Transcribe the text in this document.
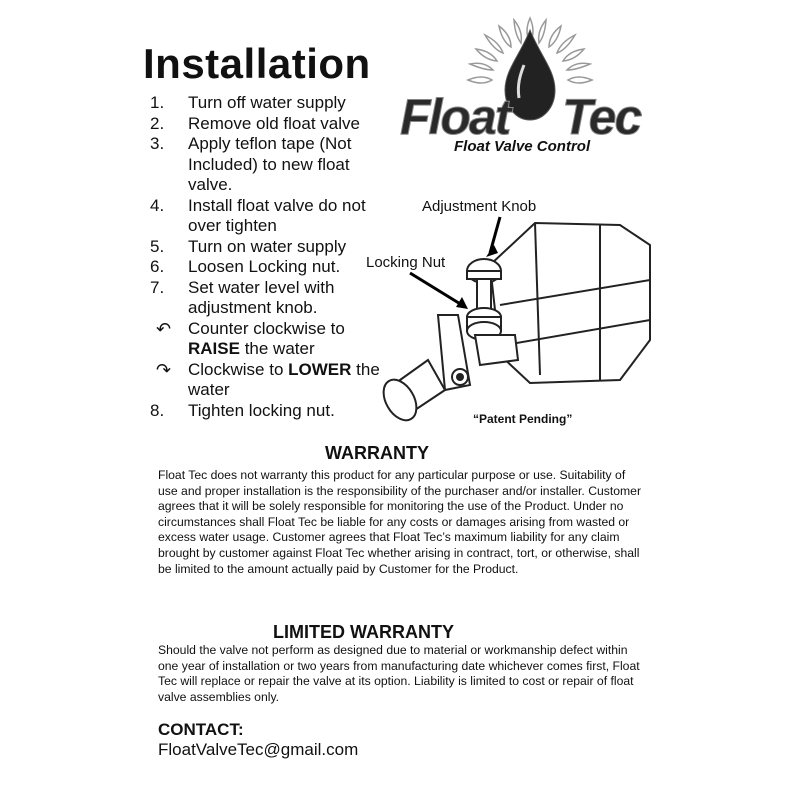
Installation
Float Tec
Float Valve Control
1.	Turn off water supply
2.	Remove old float valve
3.	Apply teflon tape (Not Included) to new float valve.
4.	Install float valve do not over tighten
5.	Turn on water supply
6.	Loosen Locking nut.
7.	Set water level with adjustment knob.
↶ Counter clockwise to RAISE the water
↷ Clockwise to LOWER the water
8.	Tighten locking nut.
Adjustment Knob
Locking Nut
“Patent Pending”
WARRANTY
Float Tec does not warranty this product for any particular purpose or use. Suitability of use and proper installation is the responsibility of the purchaser and/or installer. Customer agrees that it will be solely responsible for monitoring the use of the Product. Under no circumstances shall Float Tec be liable for any costs or damages arising from wasted or excess water usage. Customer agrees that Float Tec’s maximum liability for any claim brought by customer against Float Tec whether arising in contract, tort, or otherwise, shall be limited to the amount actually paid by Customer for the Product.
LIMITED WARRANTY
Should the valve not perform as designed due to material or workmanship defect within one year of installation or two years from manufacturing date whichever comes first, Float Tec will replace or repair the valve at its option. Liability is limited to cost or repair of float valve assemblies only.
CONTACT:
FloatValveTec@gmail.com
